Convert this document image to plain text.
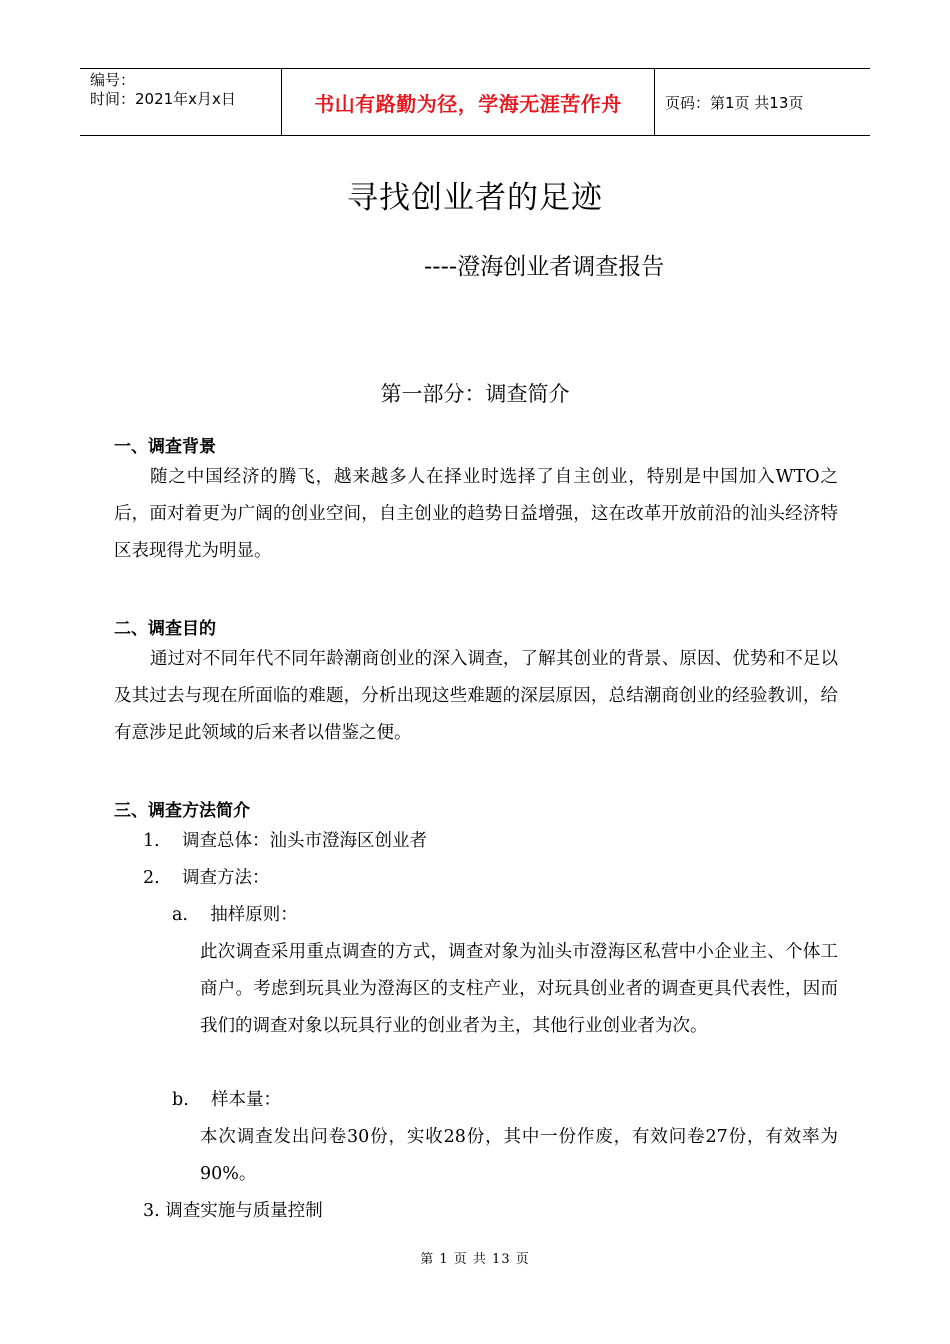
编号：
时间：2021年x月x日	书山有路勤为径，学海无涯苦作舟	页码：第1页 共13页
寻找创业者的足迹
----澄海创业者调查报告
第一部分：调查简介
一、调查背景
随之中国经济的腾飞，越来越多人在择业时选择了自主创业，特别是中国加入WTO之后，面对着更为广阔的创业空间，自主创业的趋势日益增强，这在改革开放前沿的汕头经济特区表现得尤为明显。
二、调查目的
通过对不同年代不同年龄潮商创业的深入调查，了解其创业的背景、原因、优势和不足以及其过去与现在所面临的难题，分析出现这些难题的深层原因，总结潮商创业的经验教训，给有意涉足此领域的后来者以借鉴之便。
三、调查方法简介
1.    调查总体：汕头市澄海区创业者
2.    调查方法：
a.    抽样原则：
此次调查采用重点调查的方式，调查对象为汕头市澄海区私营中小企业主、个体工商户。考虑到玩具业为澄海区的支柱产业，对玩具创业者的调查更具代表性，因而我们的调查对象以玩具行业的创业者为主，其他行业创业者为次。
b.    样本量：
本次调查发出问卷30份，实收28份，其中一份作废，有效问卷27份，有效率为90%。
3. 调查实施与质量控制
第 1 页 共 13 页
